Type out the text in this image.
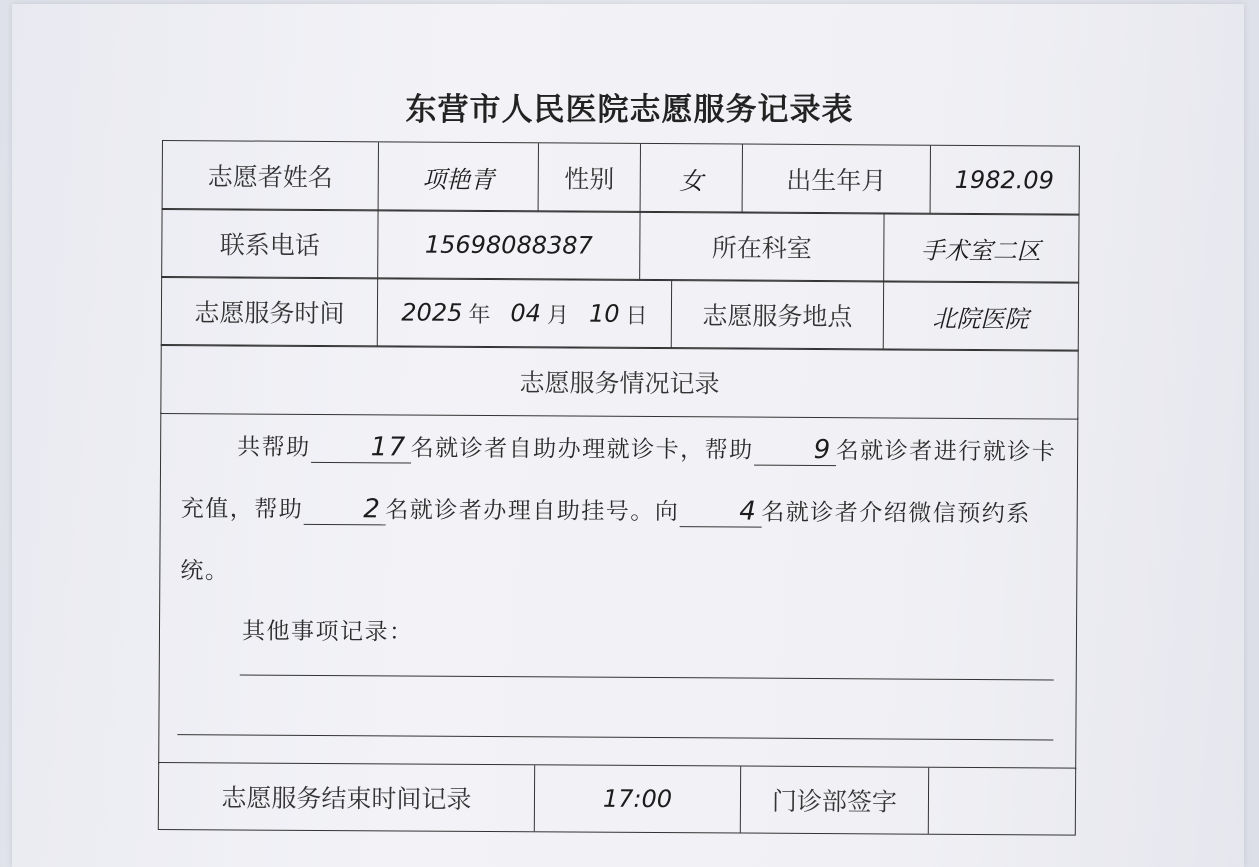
东营市人民医院志愿服务记录表
志愿者姓名	项艳青	性别	女	出生年月	1982.09
联系电话	15698088387	所在科室	手术室二区
志愿服务时间	2025 年 04 月 10 日	志愿服务地点	北院医院
志愿服务情况记录
共帮助 17 名就诊者自助办理就诊卡，帮助 9 名就诊者进行就诊卡充值，帮助 2 名就诊者办理自助挂号。向 4 名就诊者介绍微信预约系统。
其他事项记录：
志愿服务结束时间记录	17:00	门诊部签字
